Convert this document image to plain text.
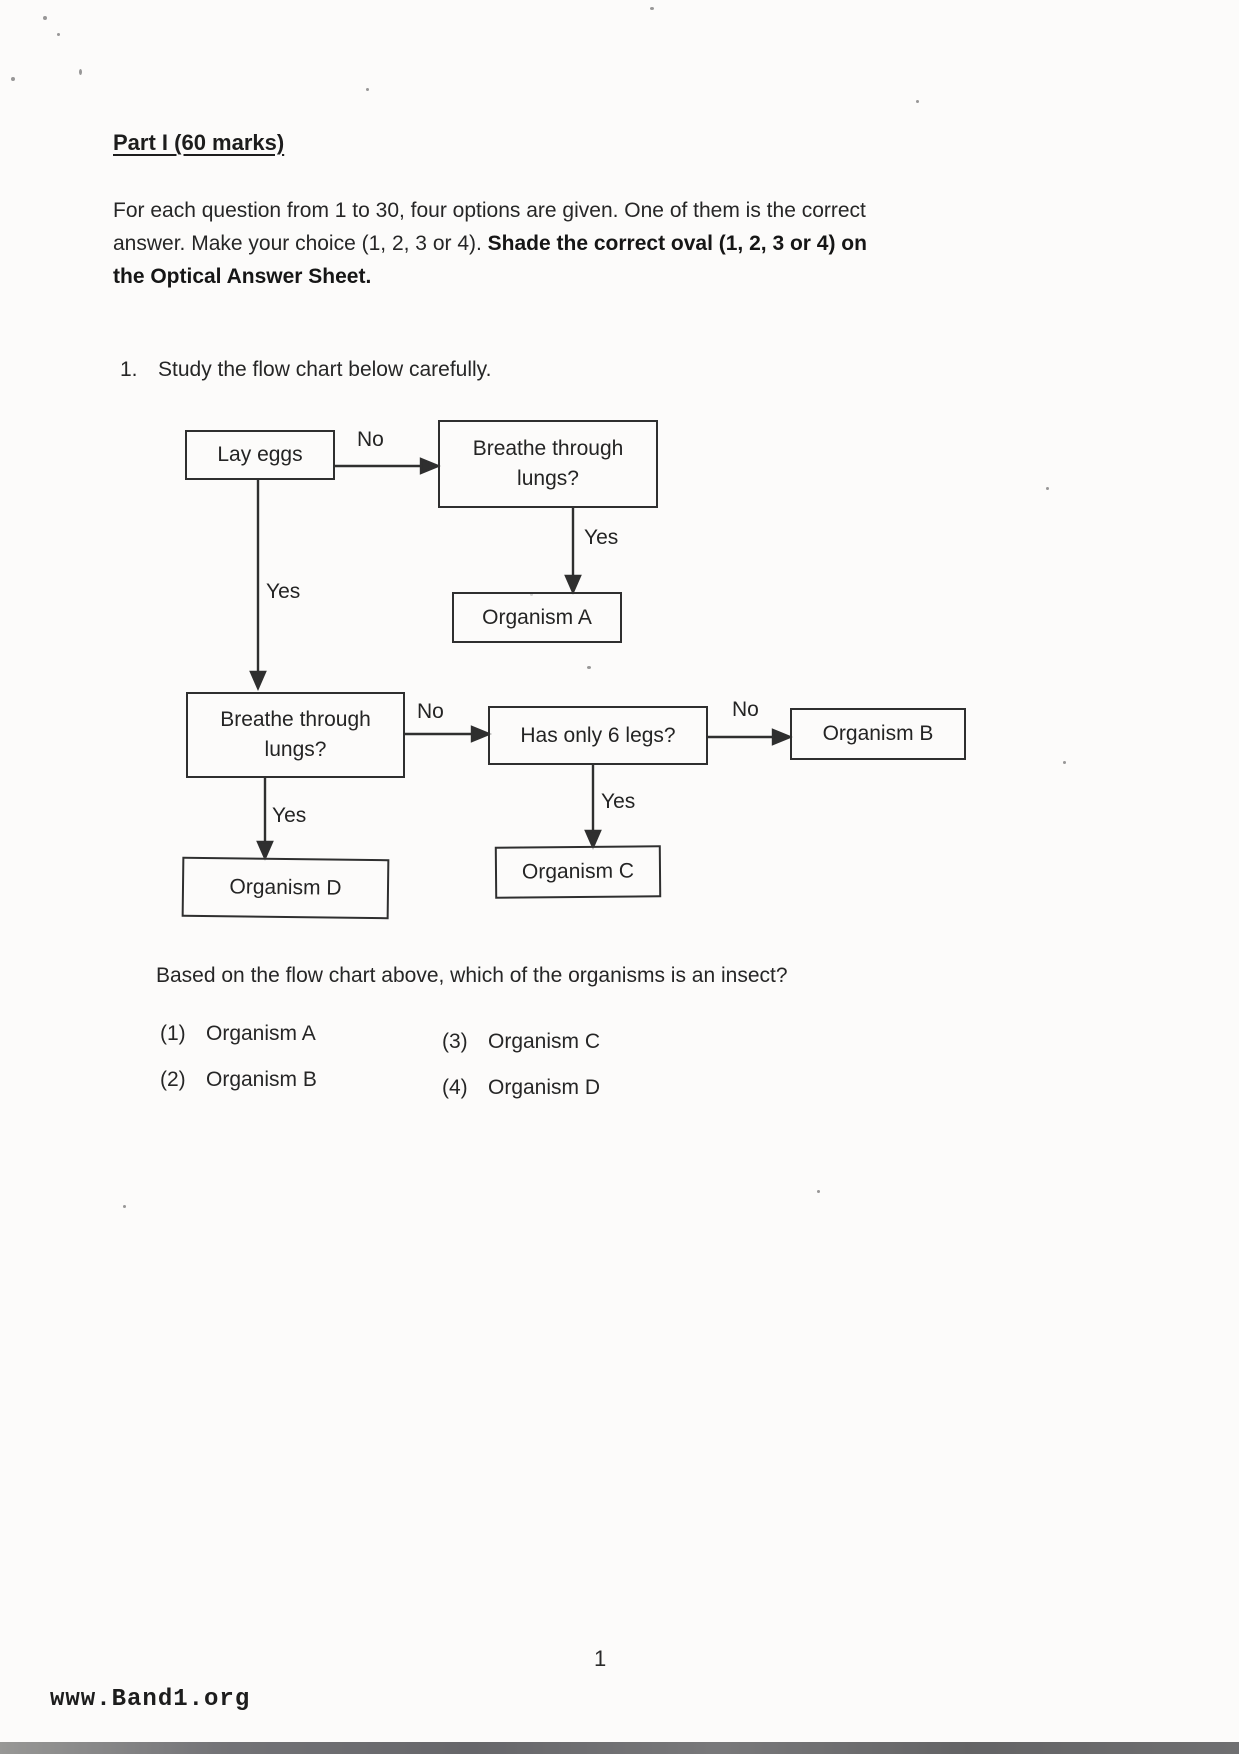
Part I (60 marks)
For each question from 1 to 30, four options are given. One of them is the correct
answer. Make your choice (1, 2, 3 or 4). Shade the correct oval (1, 2, 3 or 4) on
the Optical Answer Sheet.
1. Study the flow chart below carefully.
Lay eggs	Breathe through lungs?
Organism A
Breathe through lungs?
Has only 6 legs?	Organism B
Organism C
Organism D
No
Yes
Yes
No	No
Yes
Yes
Based on the flow chart above, which of the organisms is an insect?
(1) Organism A
(2) Organism B
(3) Organism C
(4) Organism D
1
www.Band1.org
